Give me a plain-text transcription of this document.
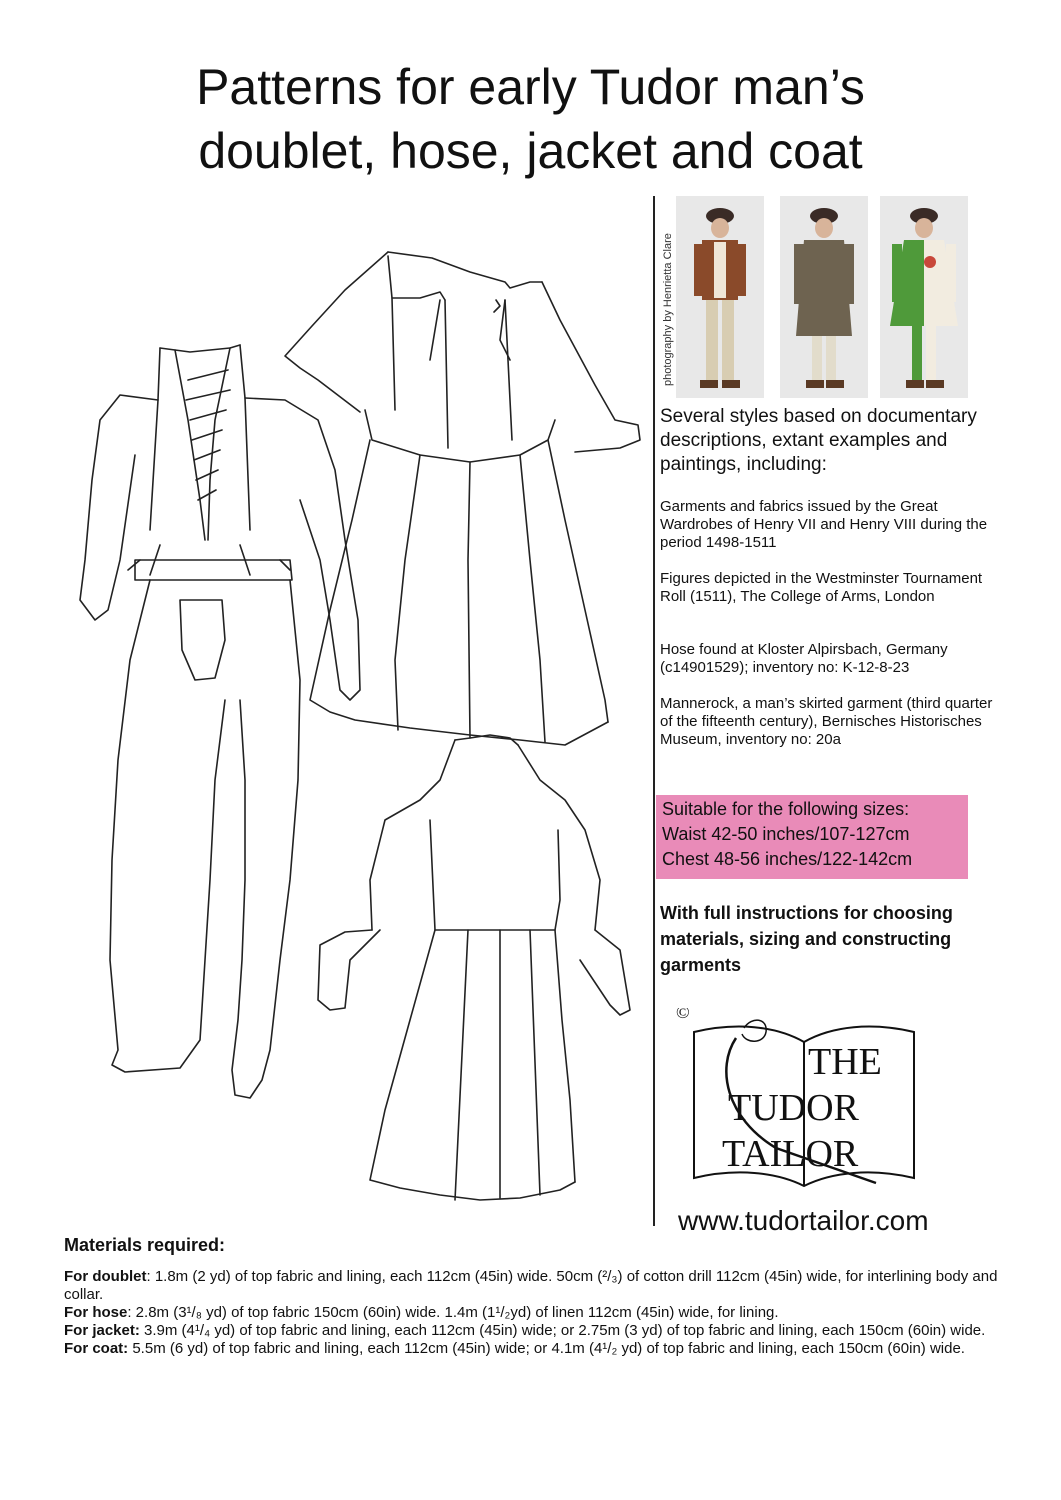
Patterns for early Tudor man’s
doublet, hose, jacket and coat
photography by Henrietta Clare
Several styles based on documentary descriptions, extant examples and paintings, including:
Garments and fabrics issued by the Great Wardrobes of Henry VII and Henry VIII during the period 1498-1511
Figures depicted in the Westminster Tournament Roll (1511), The College of Arms, London
Hose found at Kloster Alpirsbach, Germany (c14901529); inventory no: K-12-8-23
Mannerock, a man’s skirted garment (third quarter of the fifteenth century), Bernisches Historisches Museum, inventory no: 20a
Suitable for the following sizes:
Waist 42-50 inches/107-127cm
Chest 48-56 inches/122-142cm
With full instructions for choosing materials, sizing and constructing garments
©
THE
TUDOR
TAILOR
www.tudortailor.com
Materials required:
For doublet: 1.8m (2 yd) of top fabric and lining, each 112cm (45in) wide. 50cm (²/₃) of cotton drill 112cm (45in) wide, for interlining body and collar.
For hose: 2.8m (3¹/₈ yd) of top fabric 150cm (60in) wide. 1.4m (1¹/₂yd) of linen 112cm (45in) wide, for lining.
For jacket: 3.9m (4¹/₄ yd) of top fabric and lining, each 112cm (45in) wide; or 2.75m (3 yd) of top fabric and lining, each 150cm (60in) wide.
For coat: 5.5m (6 yd) of top fabric and lining, each 112cm (45in) wide; or 4.1m (4¹/₂ yd) of top fabric and lining, each 150cm (60in) wide.
